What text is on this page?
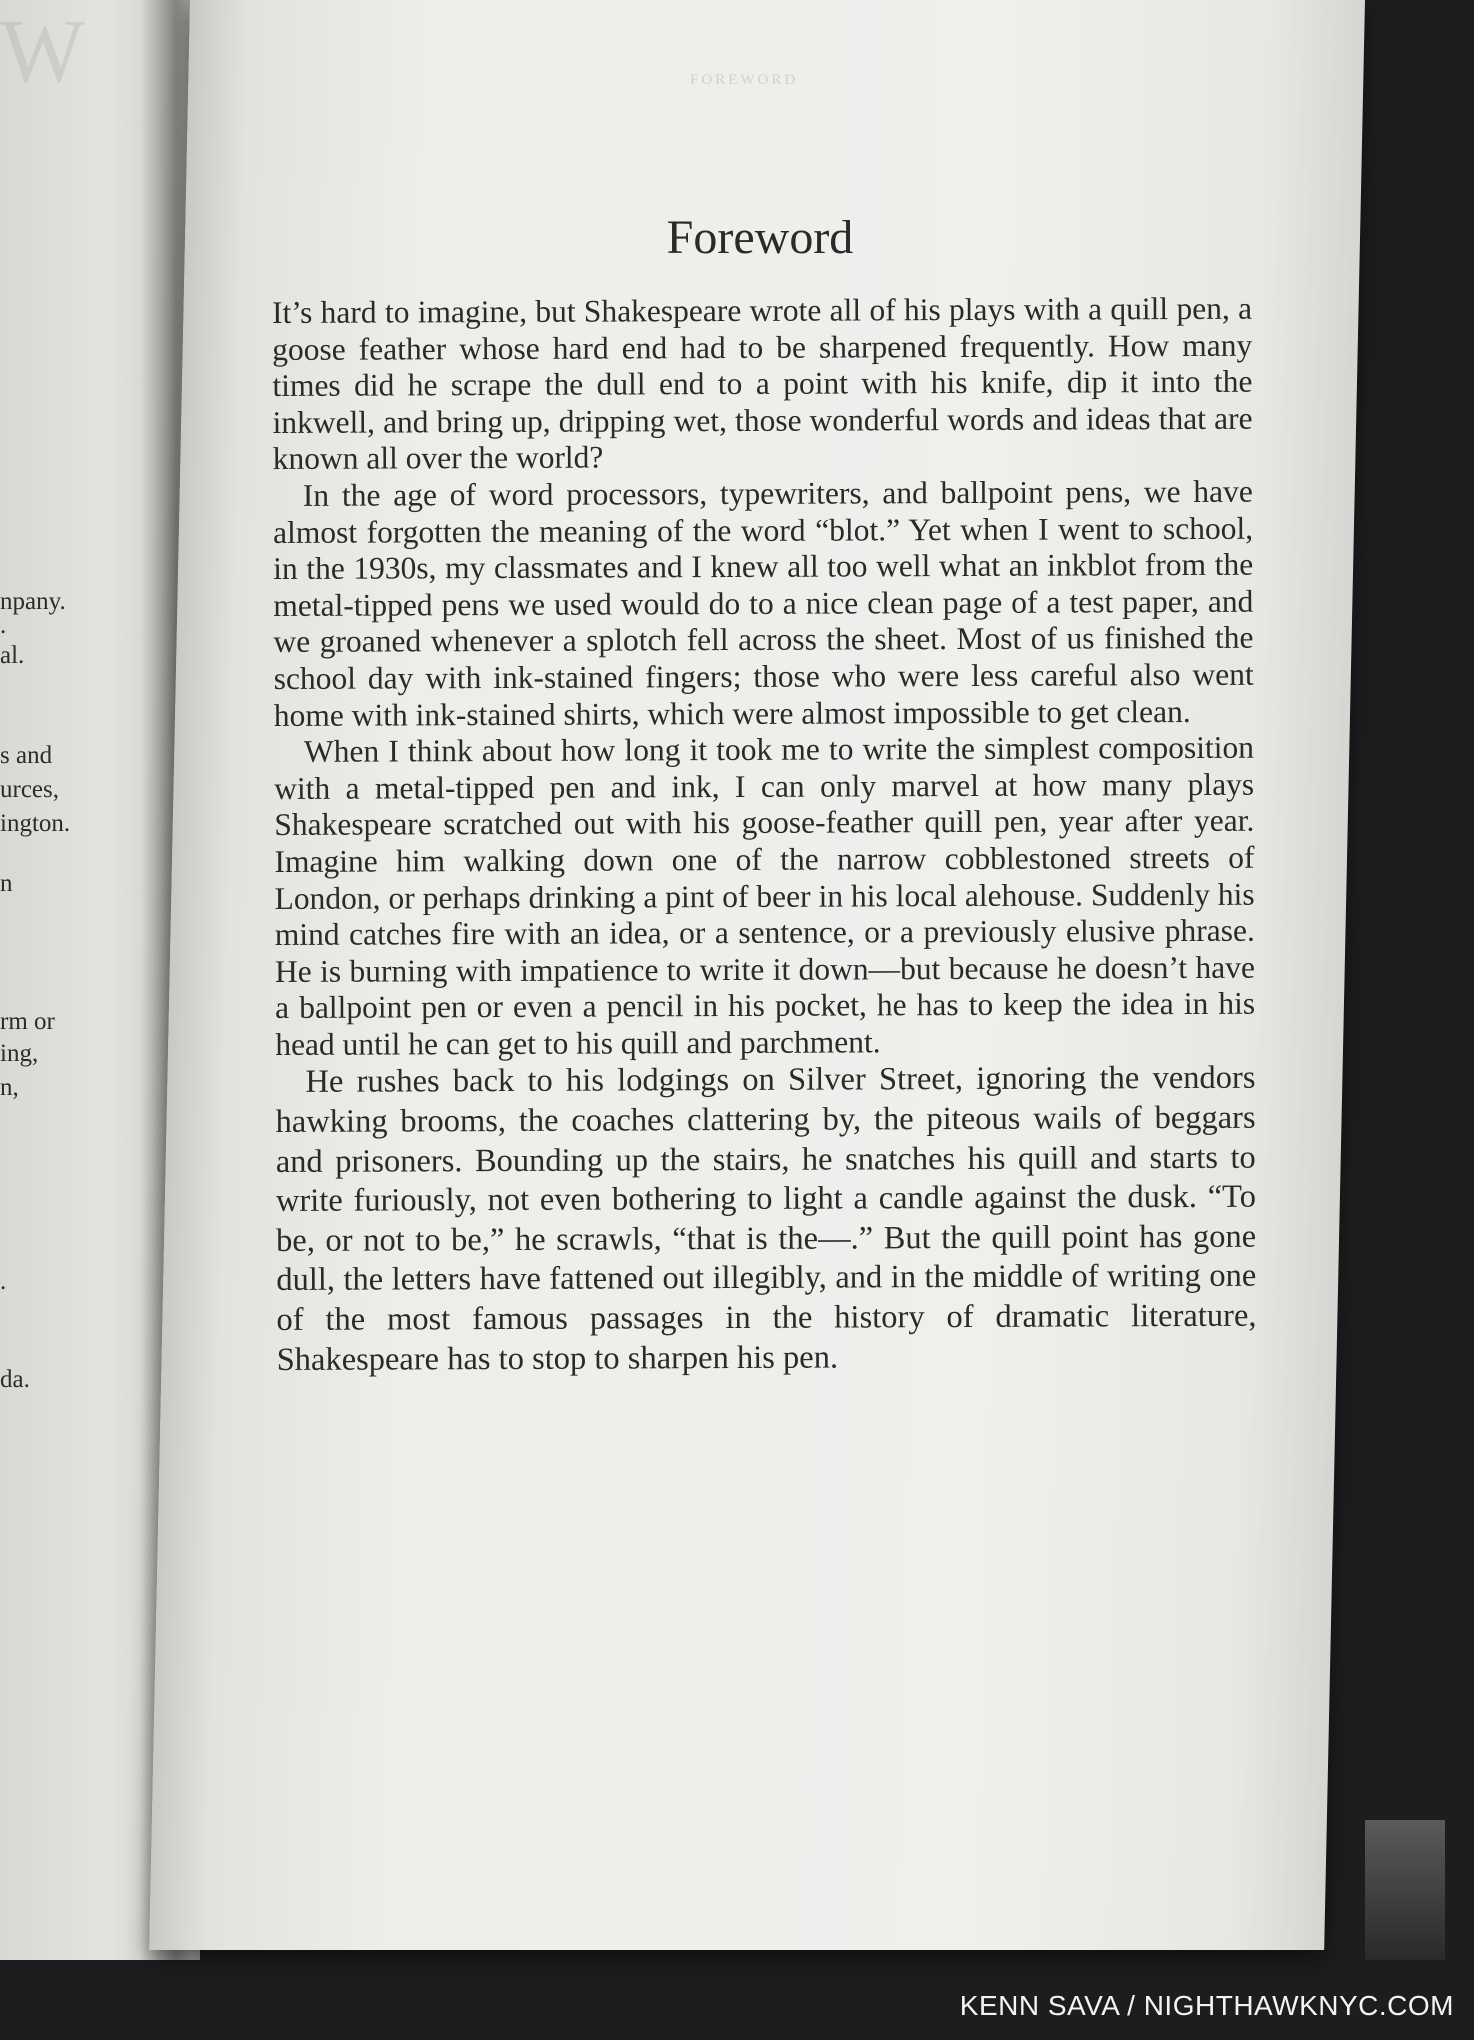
W
npany.
.
al.
s and
urces,
ington.
n
rm or
ing,
n,
.
da.
FOREWORD
Foreword

It’s hard to imagine, but Shakespeare wrote all of his plays with a quill pen, a goose feather whose hard end had to be sharpened frequently. How many times did he scrape the dull end to a point with his knife, dip it into the inkwell, and bring up, dripping wet, those wonderful words and ideas that are known all over the world?

In the age of word processors, typewriters, and ballpoint pens, we have almost forgotten the meaning of the word “blot.” Yet when I went to school, in the 1930s, my classmates and I knew all too well what an inkblot from the metal-tipped pens we used would do to a nice clean page of a test paper, and we groaned whenever a splotch fell across the sheet. Most of us finished the school day with ink-stained fingers; those who were less careful also went home with ink-stained shirts, which were almost impossible to get clean.

When I think about how long it took me to write the simplest composition with a metal-tipped pen and ink, I can only marvel at how many plays Shakespeare scratched out with his goose-feather quill pen, year after year. Imagine him walking down one of the narrow cobblestoned streets of London, or perhaps drinking a pint of beer in his local alehouse. Suddenly his mind catches fire with an idea, or a sentence, or a previously elusive phrase. He is burning with impatience to write it down—but because he doesn’t have a ballpoint pen or even a pencil in his pocket, he has to keep the idea in his head until he can get to his quill and parchment.

He rushes back to his lodgings on Silver Street, ignoring the vendors hawking brooms, the coaches clattering by, the piteous wails of beggars and prisoners. Bounding up the stairs, he snatches his quill and starts to write furiously, not even bothering to light a candle against the dusk. “To be, or not to be,” he scrawls, “that is the—.” But the quill point has gone dull, the letters have fattened out illegibly, and in the middle of writing one of the most famous passages in the history of dramatic literature, Shakespeare has to stop to sharpen his pen.

KENN SAVA / NIGHTHAWKNYC.COM
